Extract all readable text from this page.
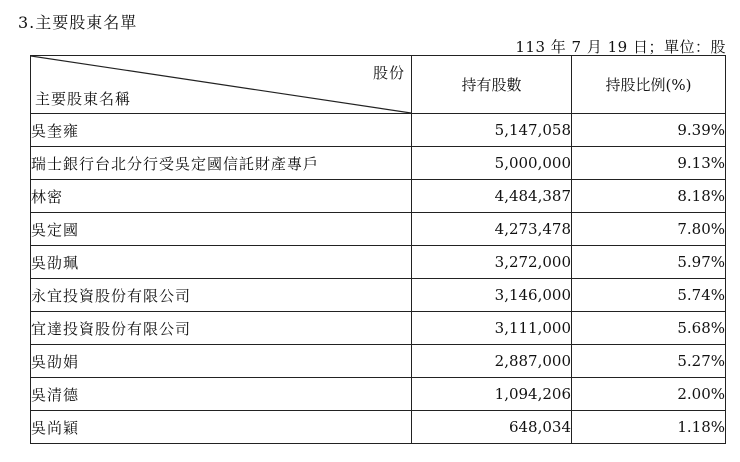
3.主要股東名單
113 年 7 月 19 日；單位：股
股份
主要股東名稱	持有股數	持股比例(%)
吳奎雍	5,147,058	9.39%
瑞士銀行台北分行受吳定國信託財產專戶	5,000,000	9.13%
林密	4,484,387	8.18%
吳定國	4,273,478	7.80%
吳劭珮	3,272,000	5.97%
永宜投資股份有限公司	3,146,000	5.74%
宜達投資股份有限公司	3,111,000	5.68%
吳劭娟	2,887,000	5.27%
吳清德	1,094,206	2.00%
吳尚穎	648,034	1.18%
